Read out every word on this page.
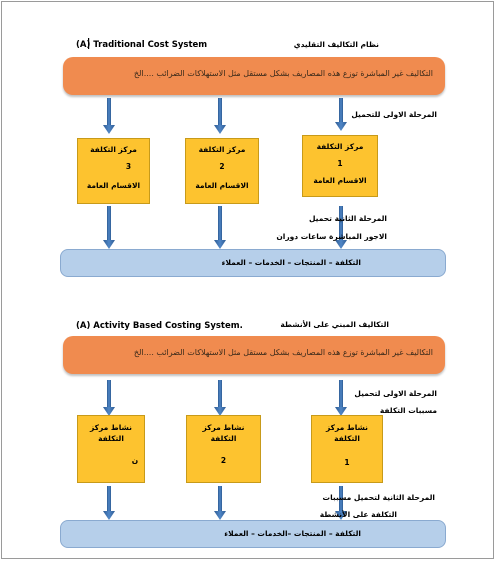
(A) Traditional Cost System	نظام التكاليف التقليدي
التكاليف غير المباشرة توزع هذه المصاريف بشكل مستقل مثل الاستهلاكات الضرائب ....الخ
المرحلة الاولى للتحميل
مركز التكلفة
3
الاقسام العامة
مركز التكلفة
2
الاقسام العامة
مركز التكلفة
1
الاقسام العامة
المرحلة الثانية تحميل
الاجور المباشرة ساعات دوران
التكلفة – المنتجات – الخدمات – العملاء
(A) Activity Based Costing System.	التكاليف المبني على الأنشطة
التكاليف غير المباشرة توزع هذه المصاريف بشكل مستقل مثل الاستهلاكات الضرائب ....الخ
المرحلة الاولى لتحميل
مسببات التكلفة
نشاط مركز
التكلفة
ن
نشاط مركز
التكلفة
2
نشاط مركز
التكلفة
1
المرحلة الثانية لتحميل مسببات
التكلفة على الأنشطة
التكلفة – المنتجات –الخدمات – العملاء
